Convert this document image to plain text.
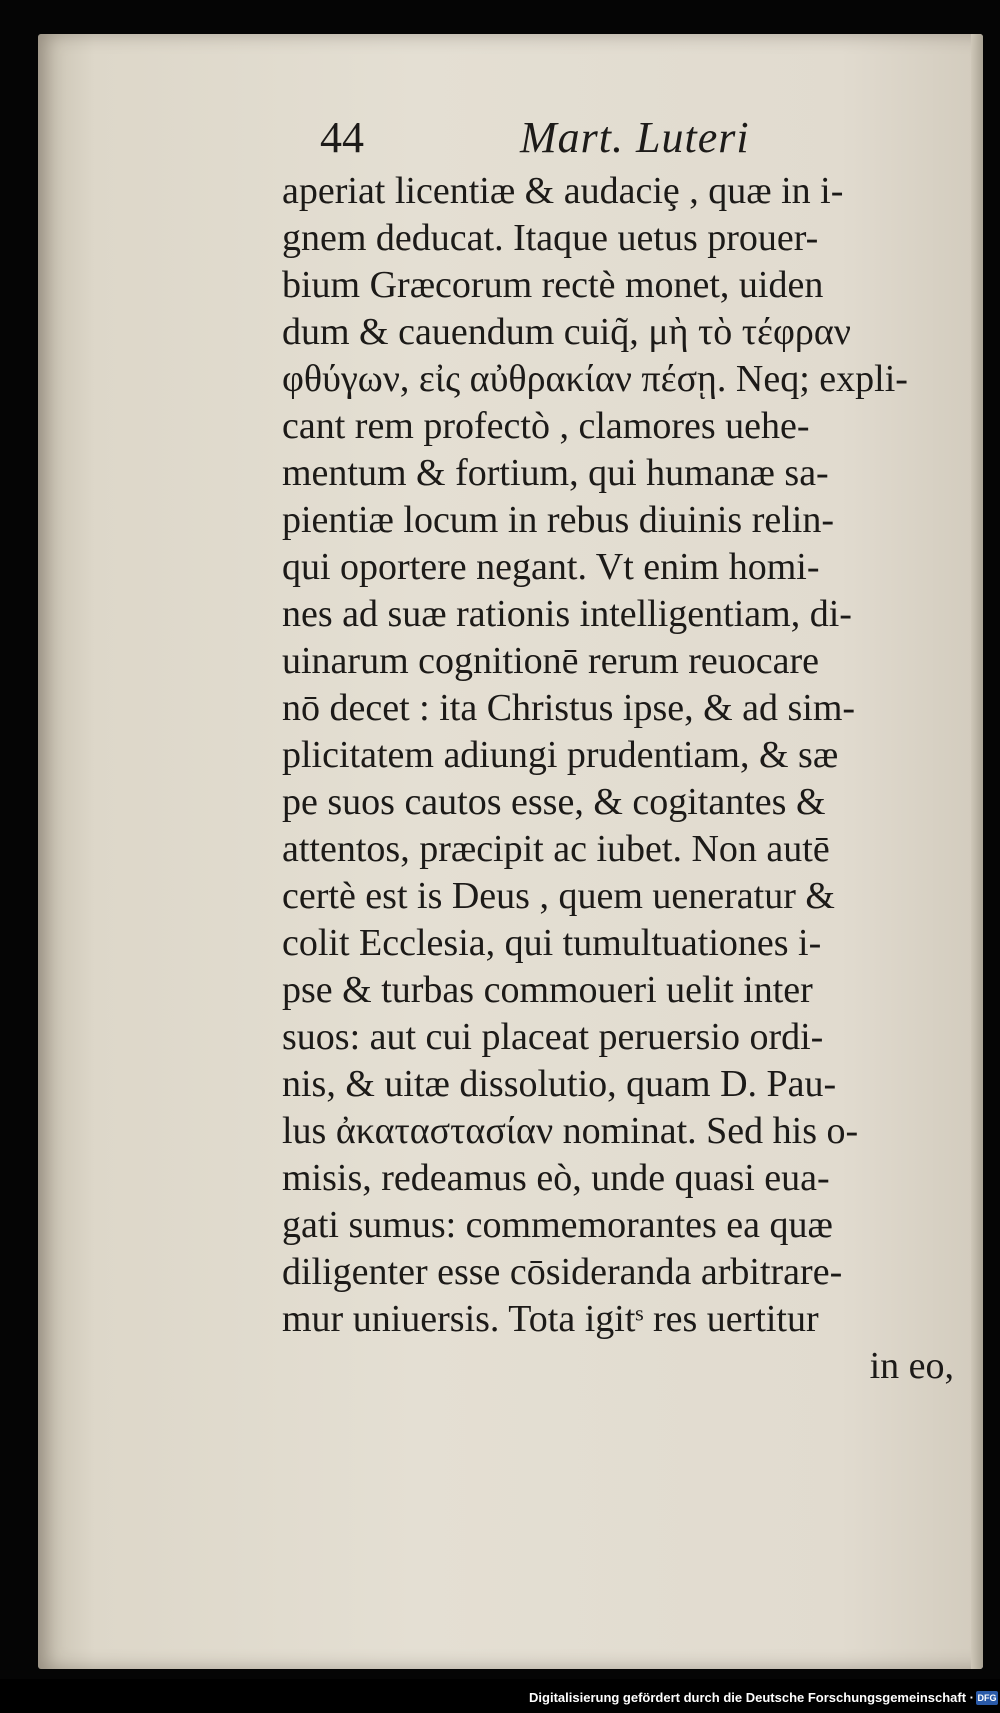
44	Mart. Luteri
aperiat licentiæ & audaciȩ , quæ in i-
gnem deducat. Itaque uetus prouer-
bium Græcorum rectè monet, uiden
dum & cauendum cuiq̃, μὴ τὸ τέφραν
φθύγων, εἰς αὐθρακίαν πέσῃ. Neq; expli-
cant rem profectò , clamores uehe-
mentum & fortium, qui humanæ sa-
pientiæ locum in rebus diuinis relin-
qui oportere negant. Vt enim homi-
nes ad suæ rationis intelligentiam, di-
uinarum cognitionē rerum reuocare
nō decet : ita Christus ipse, & ad sim-
plicitatem adiungi prudentiam, & sæ
pe suos cautos esse, & cogitantes &
attentos, præcipit ac iubet. Non autē
certè est is Deus , quem ueneratur &
colit Ecclesia, qui tumultuationes i-
pse & turbas commoueri uelit inter
suos: aut cui placeat peruersio ordi-
nis, & uitæ dissolutio, quam D. Pau-
lus ἀκαταστασίαν nominat. Sed his o-
misis, redeamus eò, unde quasi eua-
gati sumus: commemorantes ea quæ
diligenter esse cōsideranda arbitrare-
mur uniuersis. Tota igitˢ res uertitur
in eo,
Digitalisierung gefördert durch die Deutsche Forschungsgemeinschaft · DFG
